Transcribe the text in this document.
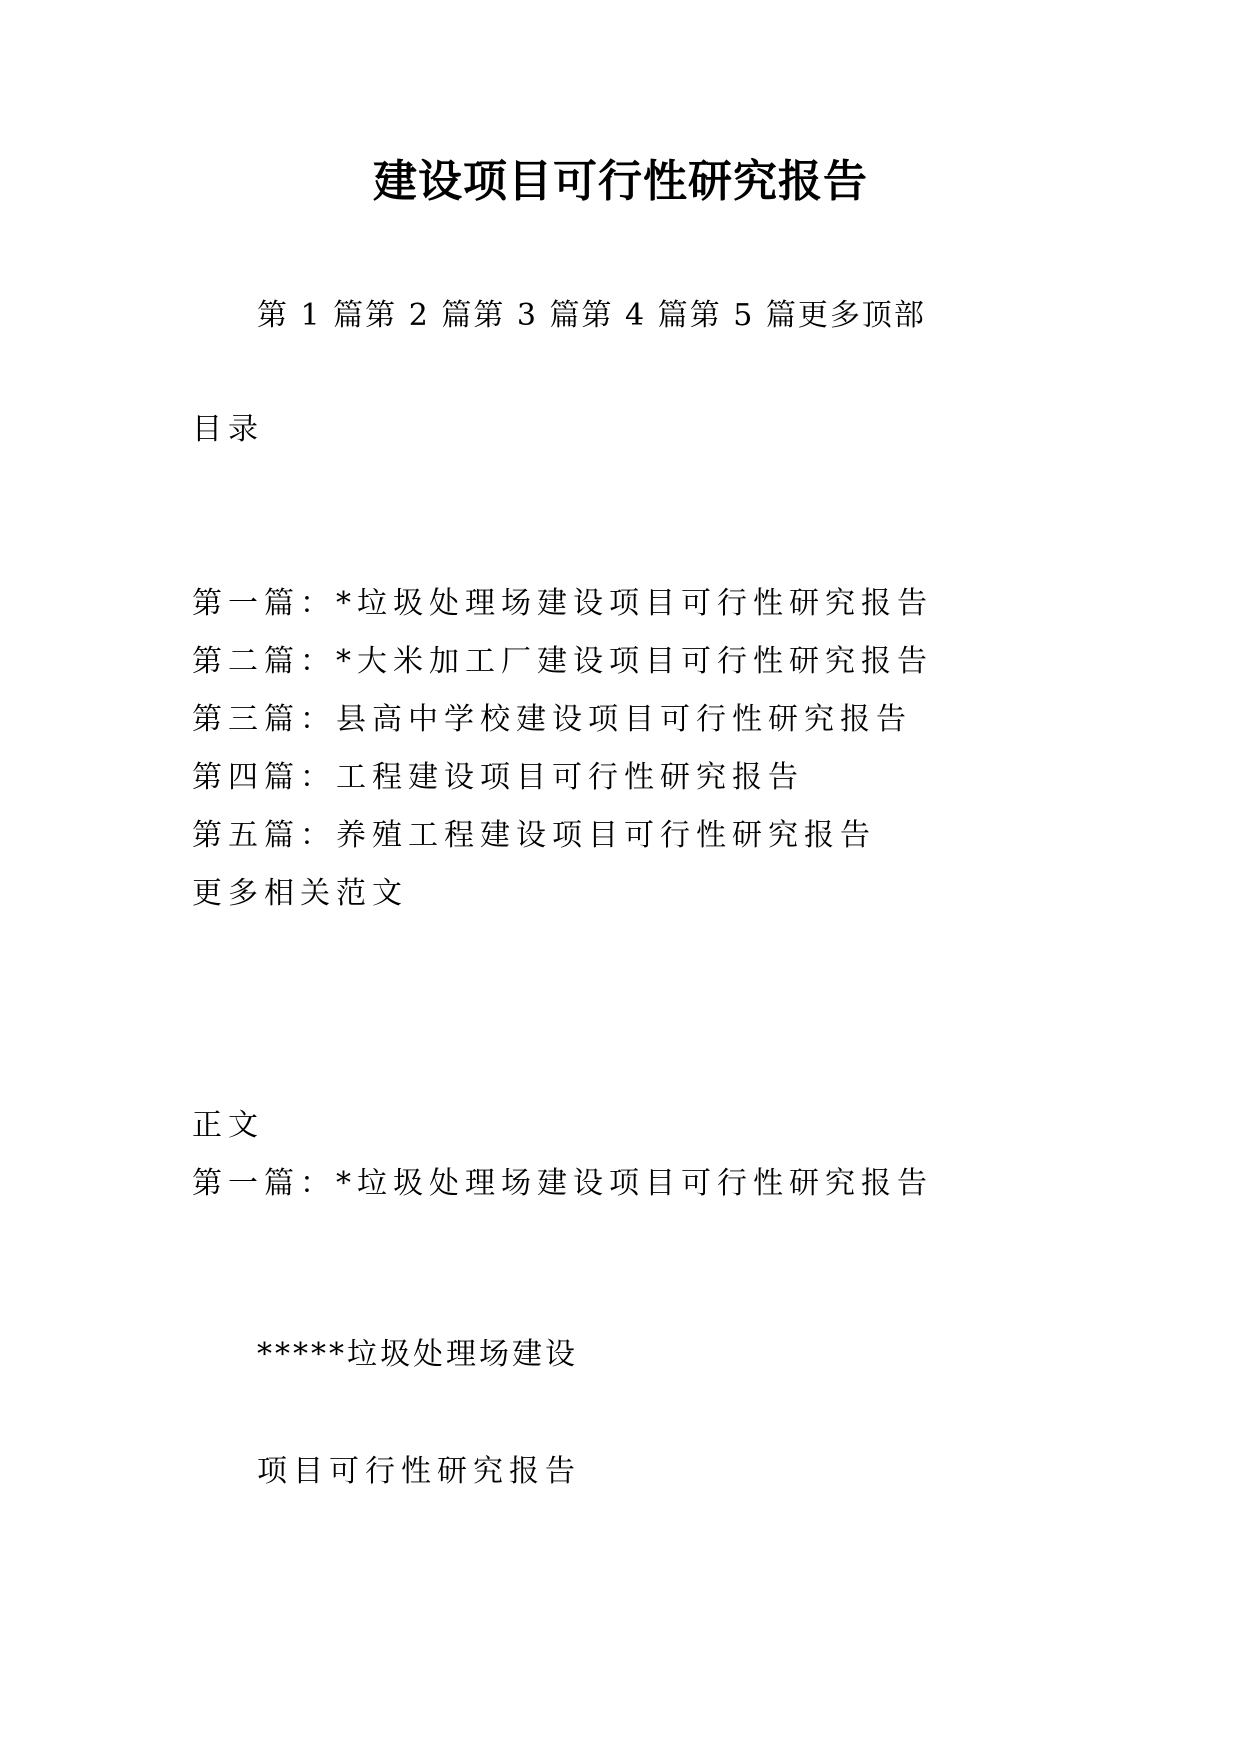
建设项目可行性研究报告
第 1 篇第 2 篇第 3 篇第 4 篇第 5 篇更多顶部
目录
第一篇：*垃圾处理场建设项目可行性研究报告
第二篇：*大米加工厂建设项目可行性研究报告
第三篇：县高中学校建设项目可行性研究报告
第四篇：工程建设项目可行性研究报告
第五篇：养殖工程建设项目可行性研究报告
更多相关范文
正文
第一篇：*垃圾处理场建设项目可行性研究报告
*****垃圾处理场建设
项目可行性研究报告
